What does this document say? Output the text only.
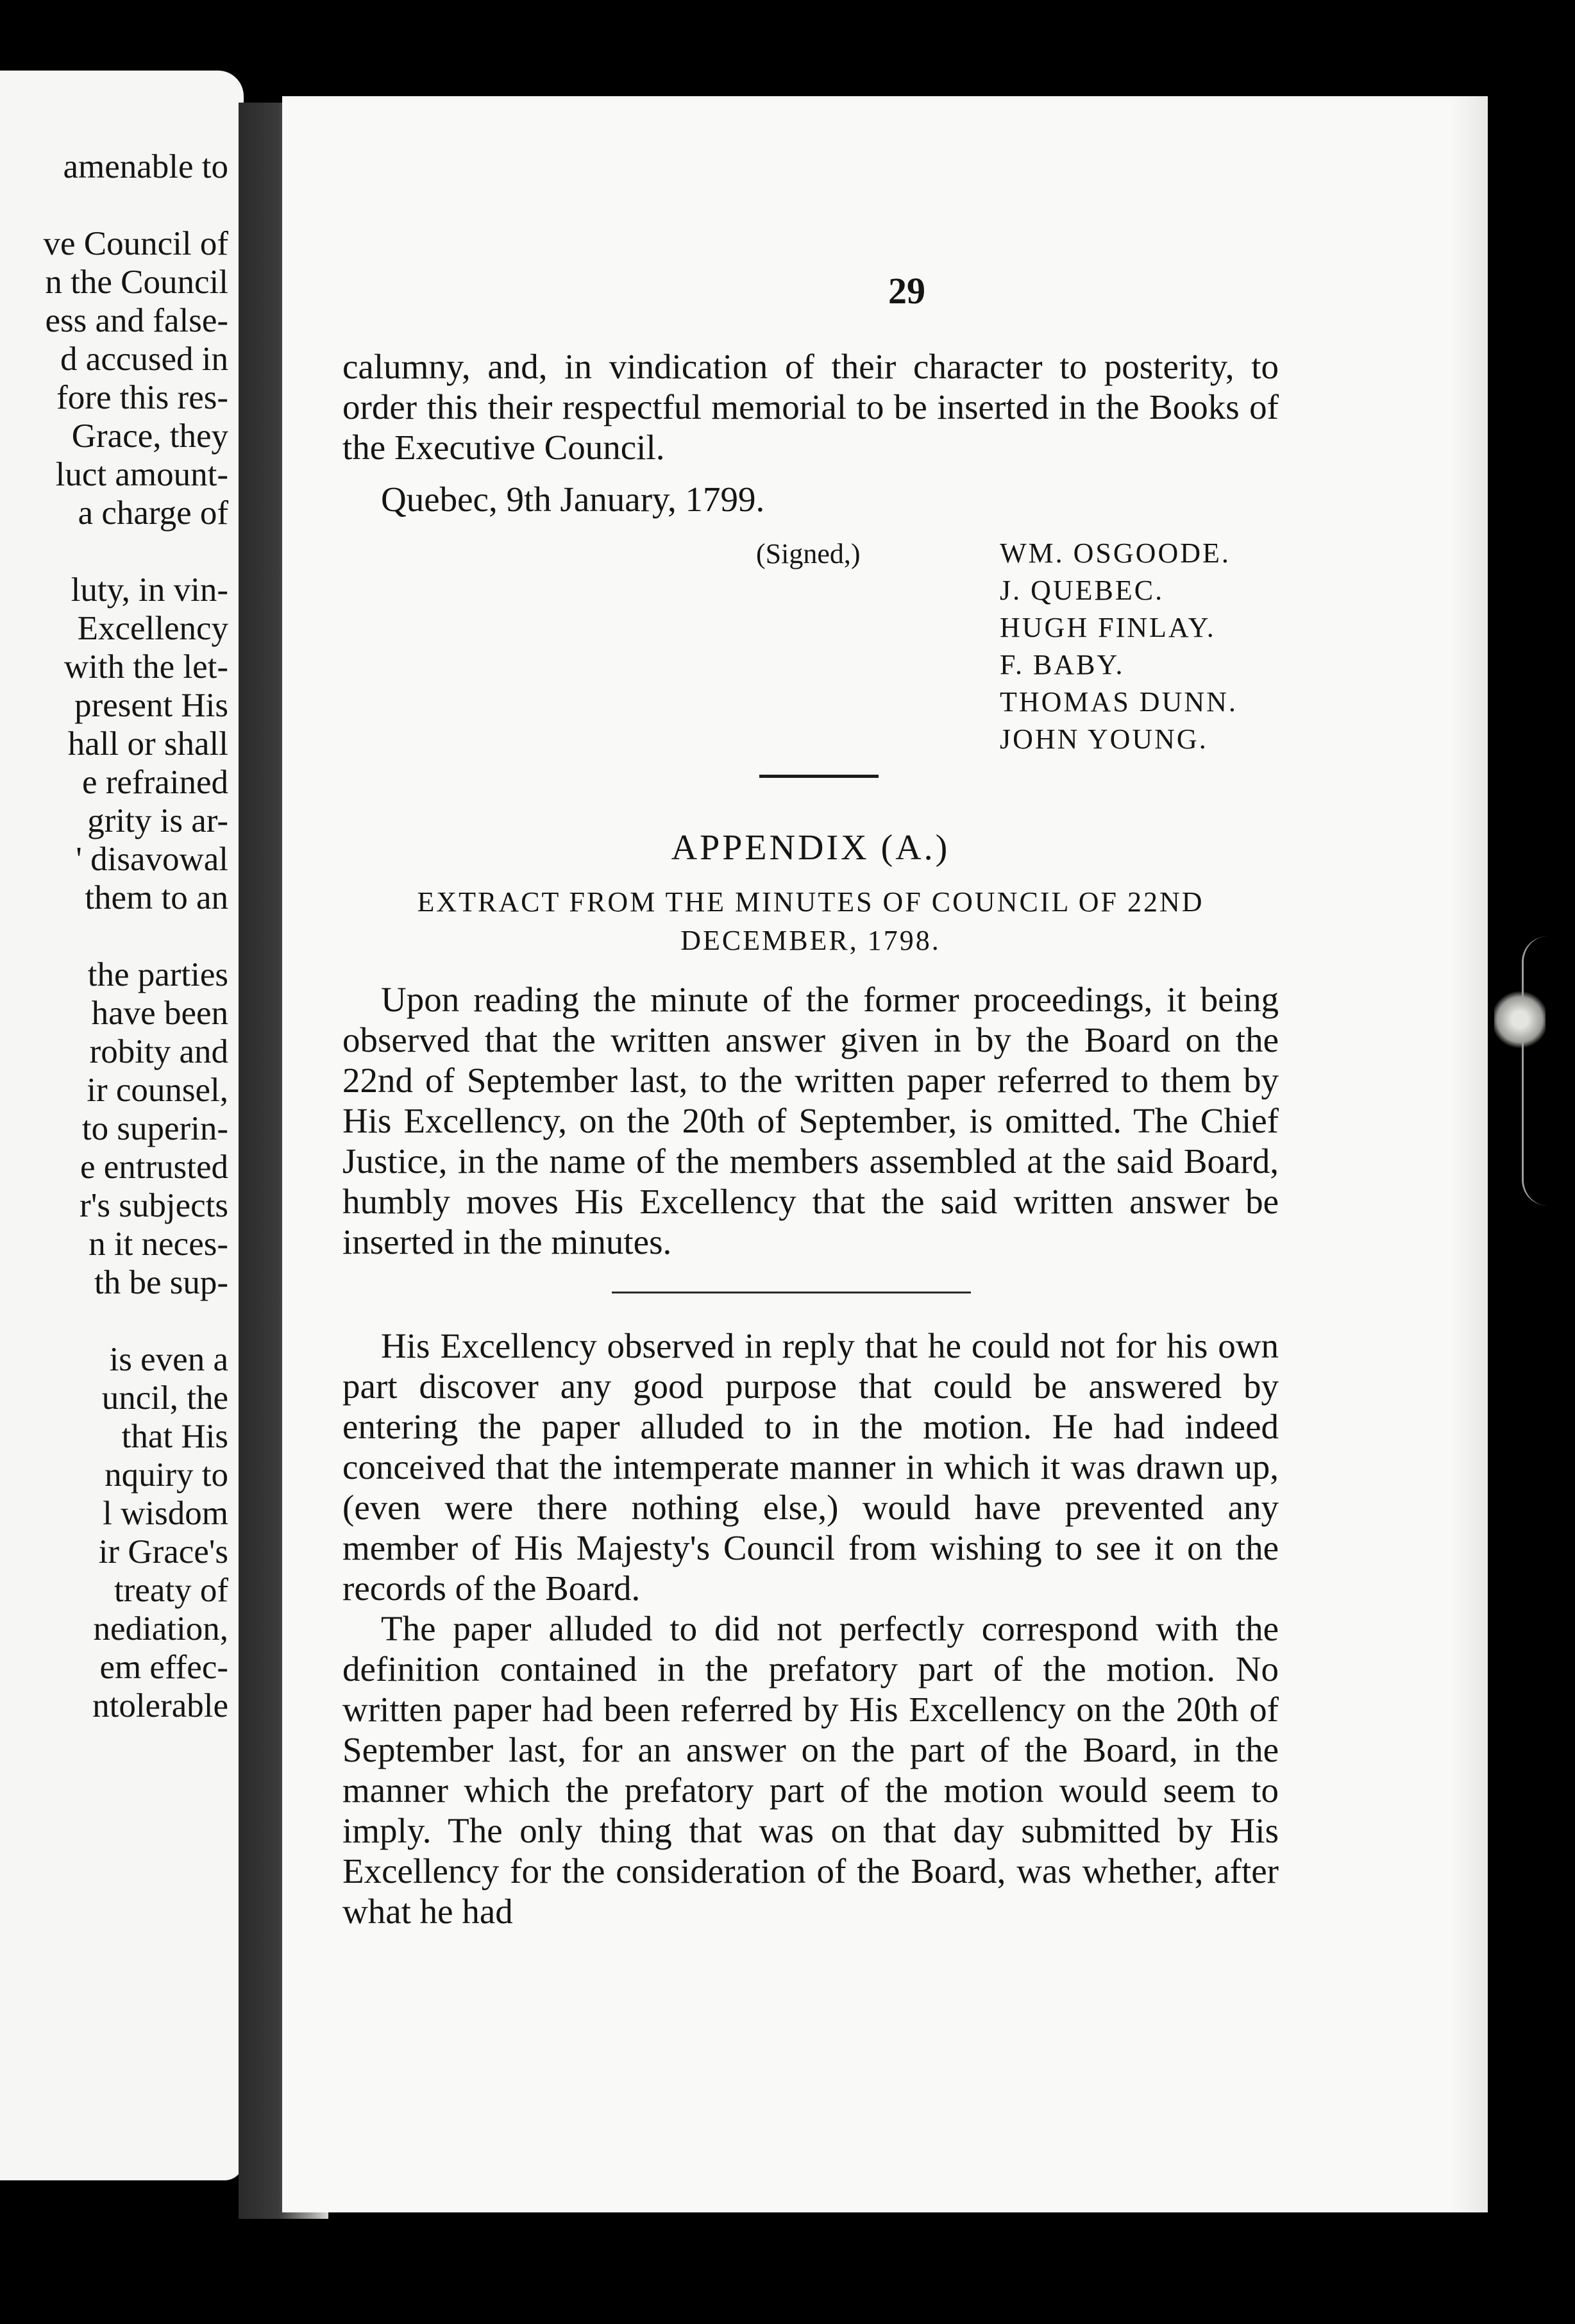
amenable to
ve Council of
n the Council
ess and false-
d accused in
fore this res-
Grace, they
luct amount-
a charge of
luty, in vin-
Excellency
with the let-
present His
hall or shall
e refrained
grity is ar-
' disavowal
them to an
the parties
have been
robity and
ir counsel,
to superin-
e entrusted
r's subjects
n it neces-
th be sup-
is even a
uncil, the
that His
nquiry to
l wisdom
ir Grace's
treaty of
nediation,
em effec-
ntolerable
29

calumny, and, in vindication of their character to posterity, to order this their respectful memorial to be inserted in the Books of the Executive Council.

Quebec, 9th January, 1799.

(Signed,)	WM. OSGOODE.
J. QUEBEC.
HUGH FINLAY.
F. BABY.
THOMAS DUNN.
JOHN YOUNG.
APPENDIX (A.)
EXTRACT FROM THE MINUTES OF COUNCIL OF 22ND DECEMBER, 1798.

Upon reading the minute of the former proceedings, it being observed that the written answer given in by the Board on the 22nd of September last, to the written paper referred to them by His Excellency, on the 20th of September, is omitted. The Chief Justice, in the name of the members assembled at the said Board, humbly moves His Excellency that the said written answer be inserted in the minutes.

His Excellency observed in reply that he could not for his own part discover any good purpose that could be answered by entering the paper alluded to in the motion. He had indeed conceived that the intemperate manner in which it was drawn up, (even were there nothing else,) would have prevented any member of His Majesty's Council from wishing to see it on the records of the Board.

The paper alluded to did not perfectly correspond with the definition contained in the prefatory part of the motion. No written paper had been referred by His Excellency on the 20th of September last, for an answer on the part of the Board, in the manner which the prefatory part of the motion would seem to imply. The only thing that was on that day submitted by His Excellency for the consideration of the Board, was whether, after what he had
